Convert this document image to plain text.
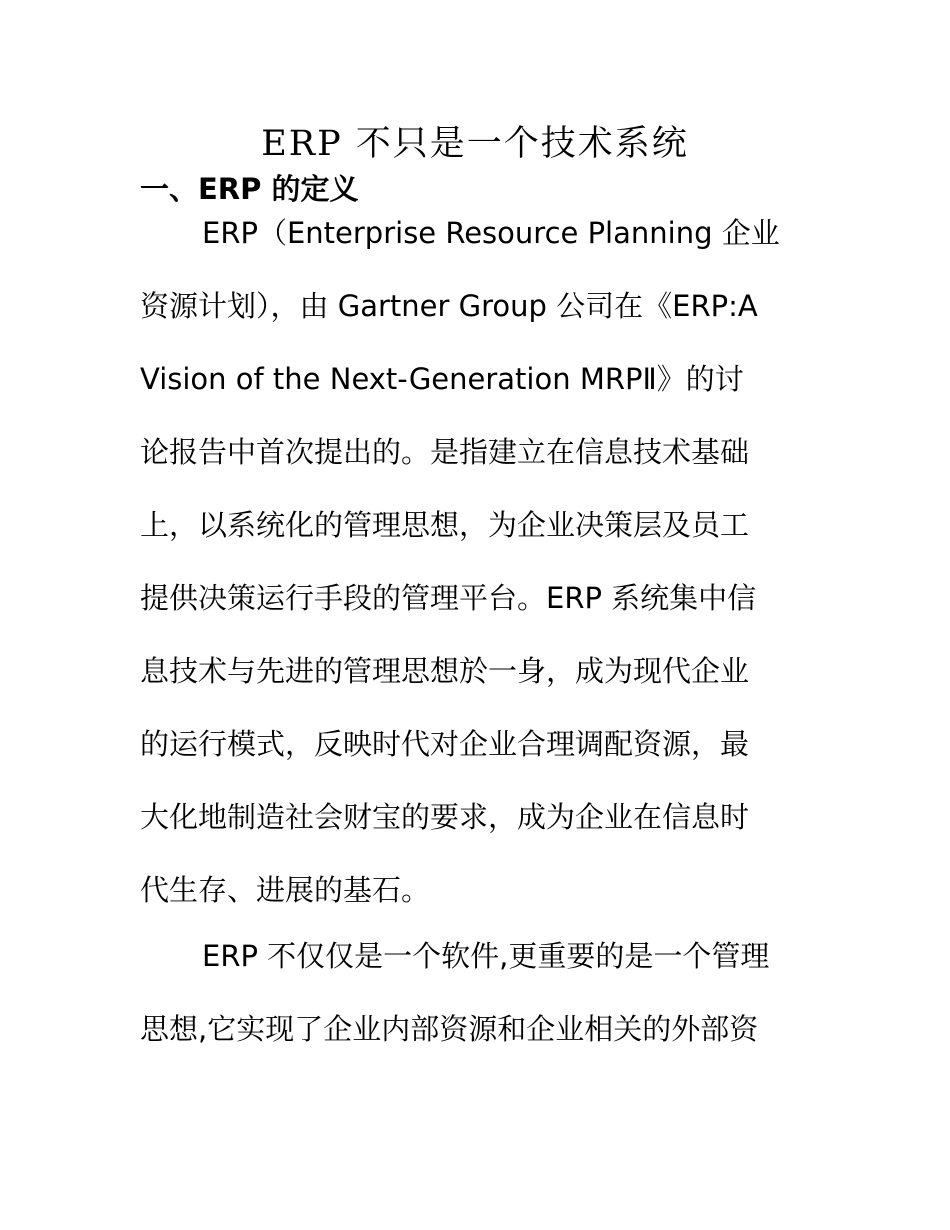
ERP 不只是一个技术系统
一、ERP 的定义

ERP（Enterprise Resource Planning 企业
资源计划），由 Gartner Group 公司在《ERP:A
Vision of the Next-Generation MRPⅡ》的讨
论报告中首次提出的。是指建立在信息技术基础
上，以系统化的管理思想，为企业决策层及员工
提供决策运行手段的管理平台。ERP 系统集中信
息技术与先进的管理思想於一身，成为现代企业
的运行模式，反映时代对企业合理调配资源，最
大化地制造社会财宝的要求，成为企业在信息时
代生存、进展的基石。

ERP 不仅仅是一个软件,更重要的是一个管理
思想,它实现了企业内部资源和企业相关的外部资
